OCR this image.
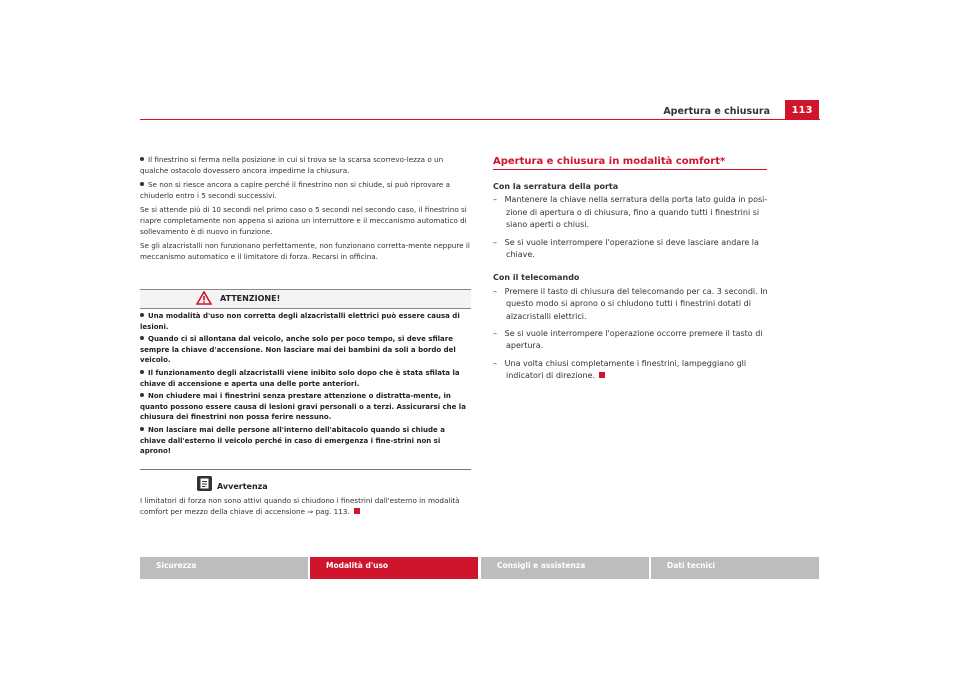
Apertura e chiusura	113

Il finestrino si ferma nella posizione in cui si trova se la scarsa scorrevo-lezza o un qualche ostacolo dovessero ancora impedirne la chiusura.

Se non si riesce ancora a capire perché il finestrino non si chiude, si può riprovare a chiuderlo entro i 5 secondi successivi.

Se si attende più di 10 secondi nel primo caso o 5 secondi nel secondo caso, il finestrino si riapre completamente non appena si aziona un interruttore e il meccanismo automatico di sollevamento è di nuovo in funzione.

Se gli alzacristalli non funzionano perfettamente, non funzionano corretta-mente neppure il meccanismo automatico e il limitatore di forza. Recarsi in officina.

ATTENZIONE!

Una modalità d'uso non corretta degli alzacristalli elettrici può essere causa di lesioni.

Quando ci si allontana dal veicolo, anche solo per poco tempo, si deve sfilare sempre la chiave d'accensione. Non lasciare mai dei bambini da soli a bordo del veicolo.

Il funzionamento degli alzacristalli viene inibito solo dopo che è stata sfilata la chiave di accensione e aperta una delle porte anteriori.

Non chiudere mai i finestrini senza prestare attenzione o distratta-mente, in quanto possono essere causa di lesioni gravi personali o a terzi. Assicurarsi che la chiusura dei finestrini non possa ferire nessuno.

Non lasciare mai delle persone all'interno dell'abitacolo quando si chiude a chiave dall'esterno il veicolo perché in caso di emergenza i fine-strini non si aprono!

Avvertenza
I limitatori di forza non sono attivi quando si chiudono i finestrini dall'esterno in modalità comfort per mezzo della chiave di accensione ⇒ pag. 113.
Apertura e chiusura in modalità comfort*

Con la serratura della porta

– Mantenere la chiave nella serratura della porta lato guida in posi-zione di apertura o di chiusura, fino a quando tutti i finestrini si siano aperti o chiusi.

– Se si vuole interrompere l'operazione si deve lasciare andare la chiave.

Con il telecomando

– Premere il tasto di chiusura del telecomando per ca. 3 secondi. In questo modo si aprono o si chiudono tutti i finestrini dotati di alzacristalli elettrici.

– Se si vuole interrompere l'operazione occorre premere il tasto di apertura.

– Una volta chiusi completamente i finestrini, lampeggiano gli indicatori di direzione.

Sicurezza	Modalità d'uso	Consigli e assistenza	Dati tecnici
